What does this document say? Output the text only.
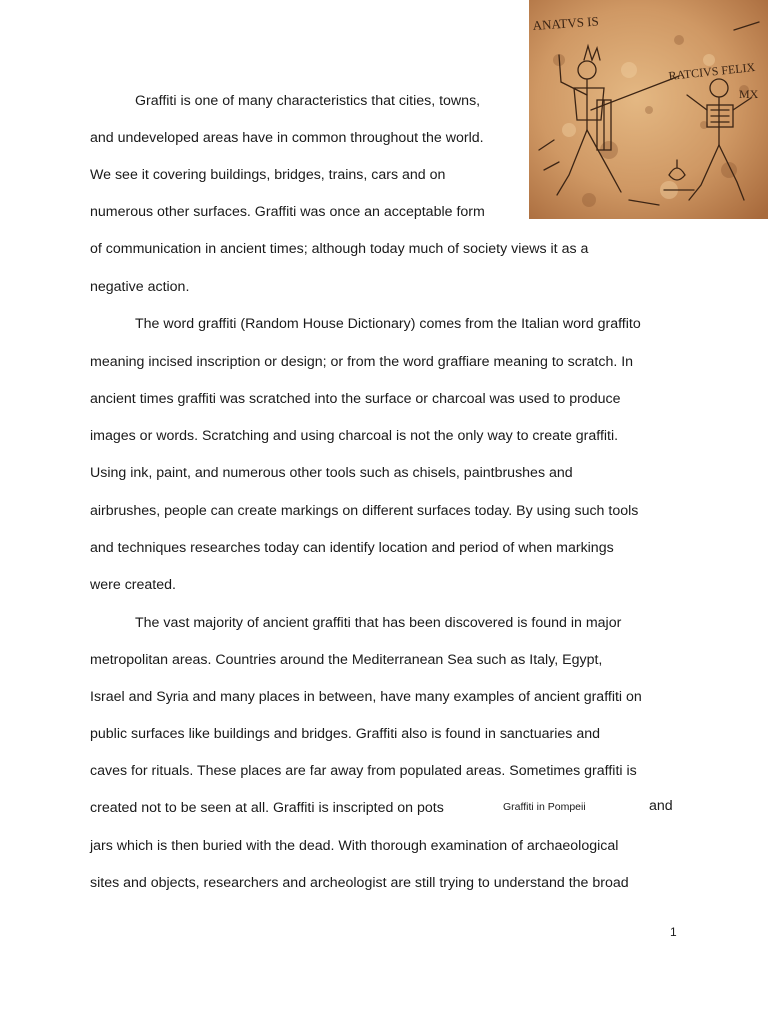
ANATVS IS
RATCIVS FELIX
MX
Graffiti is one of many characteristics that cities, towns,
and undeveloped areas have in common throughout the world.
We see it covering buildings, bridges, trains, cars and on
numerous other surfaces. Graffiti was once an acceptable form
of communication in ancient times; although today much of society views it as a
negative action.
The word graffiti (Random House Dictionary) comes from the Italian word graffito
meaning incised inscription or design; or from the word graffiare meaning to scratch. In
ancient times graffiti was scratched into the surface or charcoal was used to produce
images or words. Scratching and using charcoal is not the only way to create graffiti.
Using ink, paint, and numerous other tools such as chisels, paintbrushes and
airbrushes, people can create markings on different surfaces today. By using such tools
and techniques researches today can identify location and period of when markings
were created.
The vast majority of ancient graffiti that has been discovered is found in major
metropolitan areas. Countries around the Mediterranean Sea such as Italy, Egypt,
Israel and Syria and many places in between, have many examples of ancient graffiti on
public surfaces like buildings and bridges. Graffiti also is found in sanctuaries and
caves for rituals. These places are far away from populated areas. Sometimes graffiti is
created not to be seen at all. Graffiti is inscripted on pots
jars which is then buried with the dead. With thorough examination of archaeological
sites and objects, researchers and archeologist are still trying to understand the broad
Graffiti in Pompeii	and
1
